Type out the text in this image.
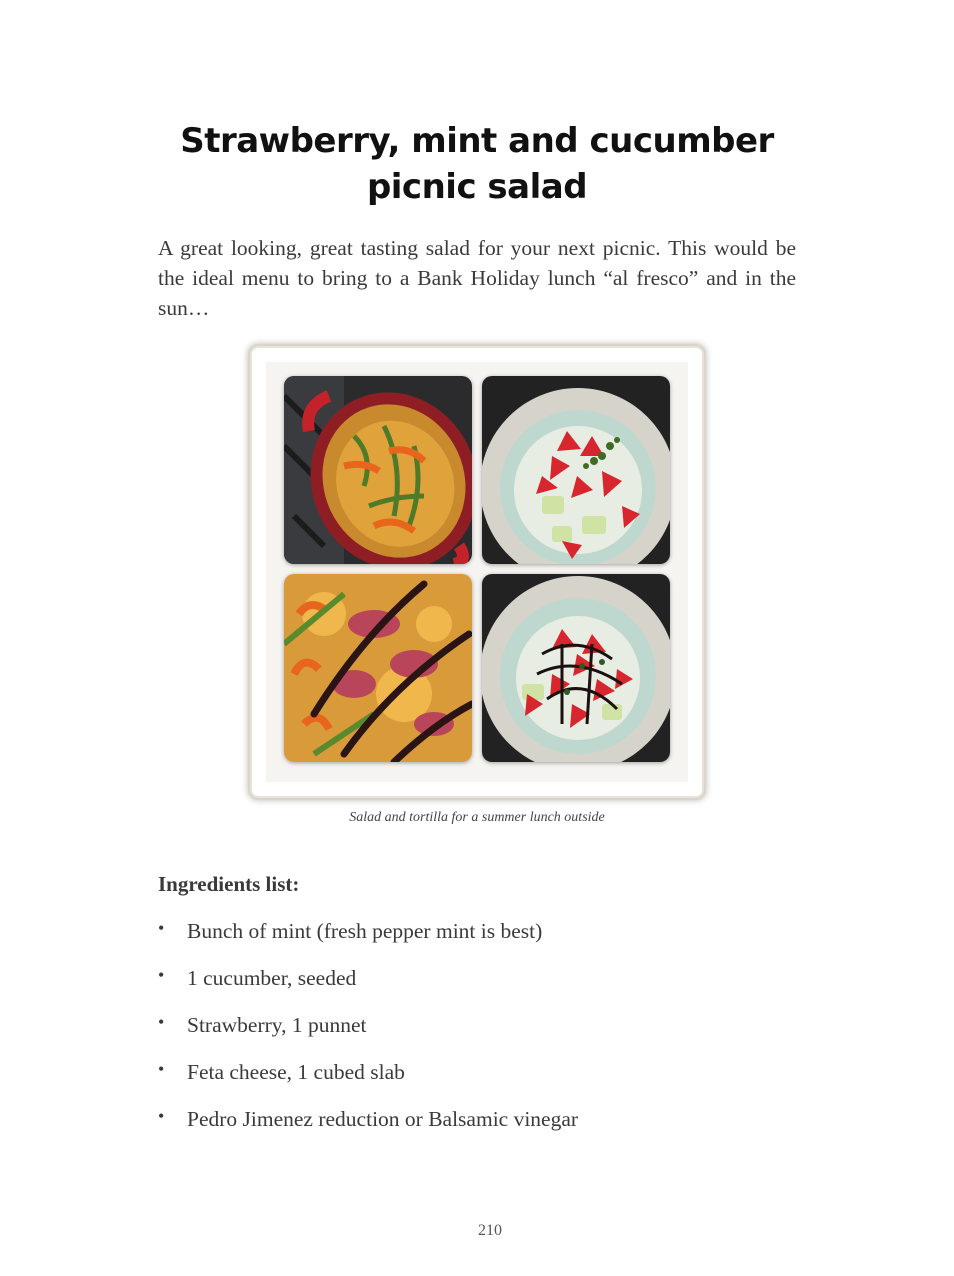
Strawberry, mint and cucumber picnic salad
A great looking, great tasting salad for your next picnic. This would be the ideal menu to bring to a Bank Holiday lunch “al fresco” and in the sun…
Salad and tortilla for a summer lunch outside
Ingredients list:
• Bunch of mint (fresh pepper mint is best)
• 1 cucumber, seeded
• Strawberry, 1 punnet
• Feta cheese, 1 cubed slab
• Pedro Jimenez reduction or Balsamic vinegar
210
